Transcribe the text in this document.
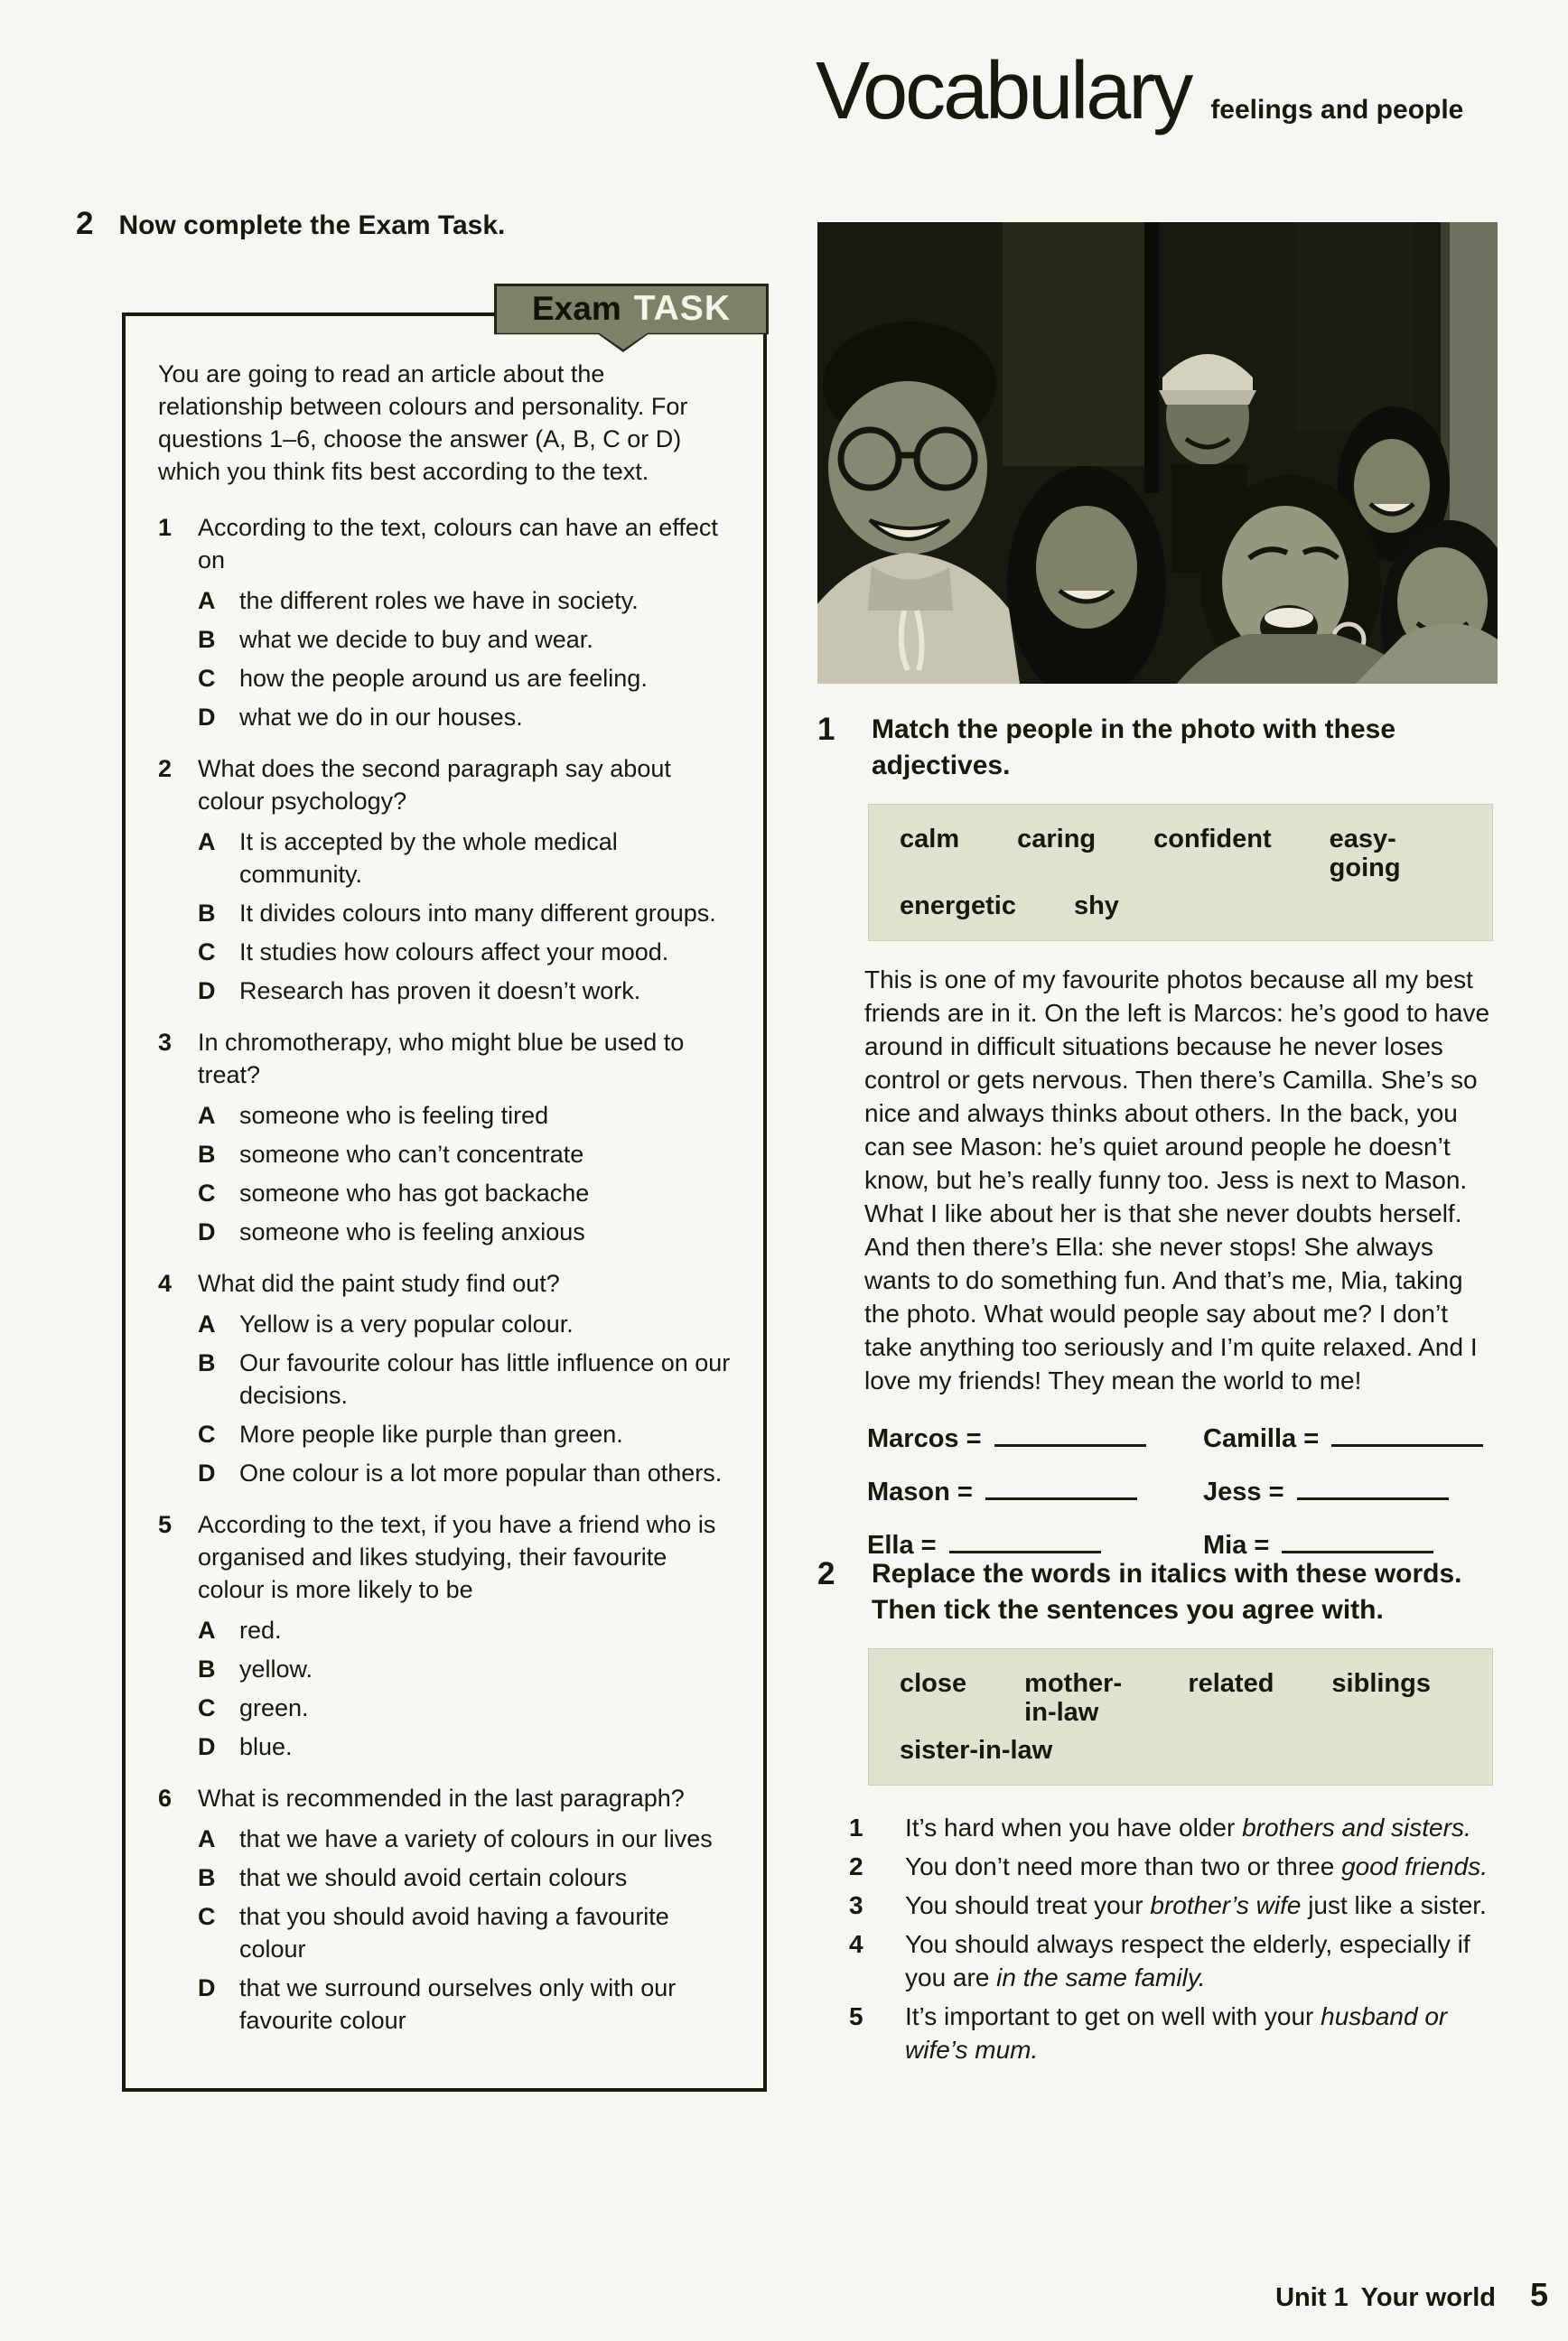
Vocabulary feelings and people
2 Now complete the Exam Task.
Exam TASK
You are going to read an article about the relationship between colours and personality. For questions 1–6, choose the answer (A, B, C or D) which you think fits best according to the text.
1	According to the text, colours can have an effect on
A the different roles we have in society.
B what we decide to buy and wear.
C how the people around us are feeling.
D what we do in our houses.
2	What does the second paragraph say about colour psychology?
A It is accepted by the whole medical community.
B It divides colours into many different groups.
C It studies how colours affect your mood.
D Research has proven it doesn’t work.
3	In chromotherapy, who might blue be used to treat?
A someone who is feeling tired
B someone who can’t concentrate
C someone who has got backache
D someone who is feeling anxious
4	What did the paint study find out?
A Yellow is a very popular colour.
B Our favourite colour has little influence on our decisions.
C More people like purple than green.
D One colour is a lot more popular than others.
5	According to the text, if you have a friend who is organised and likes studying, their favourite colour is more likely to be
A red.
B yellow.
C green.
D blue.
6	What is recommended in the last paragraph?
A that we have a variety of colours in our lives
B that we should avoid certain colours
C that you should avoid having a favourite colour
D that we surround ourselves only with our favourite colour
1	Match the people in the photo with these adjectives.
calm caring confident easy-going
energetic shy
This is one of my favourite photos because all my best friends are in it. On the left is Marcos: he’s good to have around in difficult situations because he never loses control or gets nervous. Then there’s Camilla. She’s so nice and always thinks about others. In the back, you can see Mason: he’s quiet around people he doesn’t know, but he’s really funny too. Jess is next to Mason. What I like about her is that she never doubts herself. And then there’s Ella: she never stops! She always wants to do something fun. And that’s me, Mia, taking the photo. What would people say about me? I don’t take anything too seriously and I’m quite relaxed. And I love my friends! They mean the world to me!
Marcos =	Camilla =
Mason =	Jess =
Ella =	Mia =
2	Replace the words in italics with these words. Then tick the sentences you agree with.
close mother-in-law
related siblings
sister-in-law
1	It’s hard when you have older brothers and sisters.
2	You don’t need more than two or three good friends.
3	You should treat your brother’s wife just like a sister.
4	You should always respect the elderly, especially if you are in the same family.
5	It’s important to get on well with your husband or wife’s mum.
Unit 1 Your world 5
